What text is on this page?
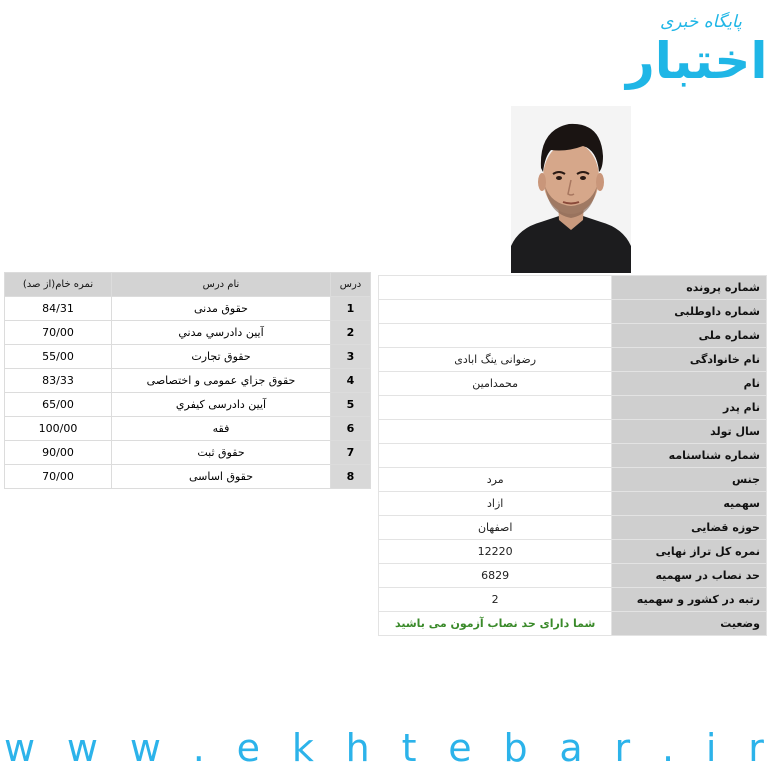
پایگاه خبری
اختبار
	شماره پرونده
	شماره داوطلبی
	شماره ملی
رضوانی ينگ ابادی	نام خانوادگی
محمدامین	نام
	نام پدر
	سال تولد
	شماره شناسنامه
مرد	جنس
ازاد	سهمیه
اصفهان	حوزه قضایی
12220	نمره کل تراز نهایی
6829	حد نصاب در سهمیه
2	رتبه در کشور و سهمیه
شما دارای حد نصاب آزمون می باشید	وضعیت
نمره خام(از صد)	نام درس	درس
84/31	حقوق مدنی	1
70/00	آیین دادرسي مدني	2
55/00	حقوق تجارت	3
83/33	حقوق جزاي عمومی و اختصاصی	4
65/00	آيين دادرسی کيفري	5
100/00	فقه	6
90/00	حقوق ثبت	7
70/00	حقوق اساسی	8
w w w . e k h t e b a r . i r
